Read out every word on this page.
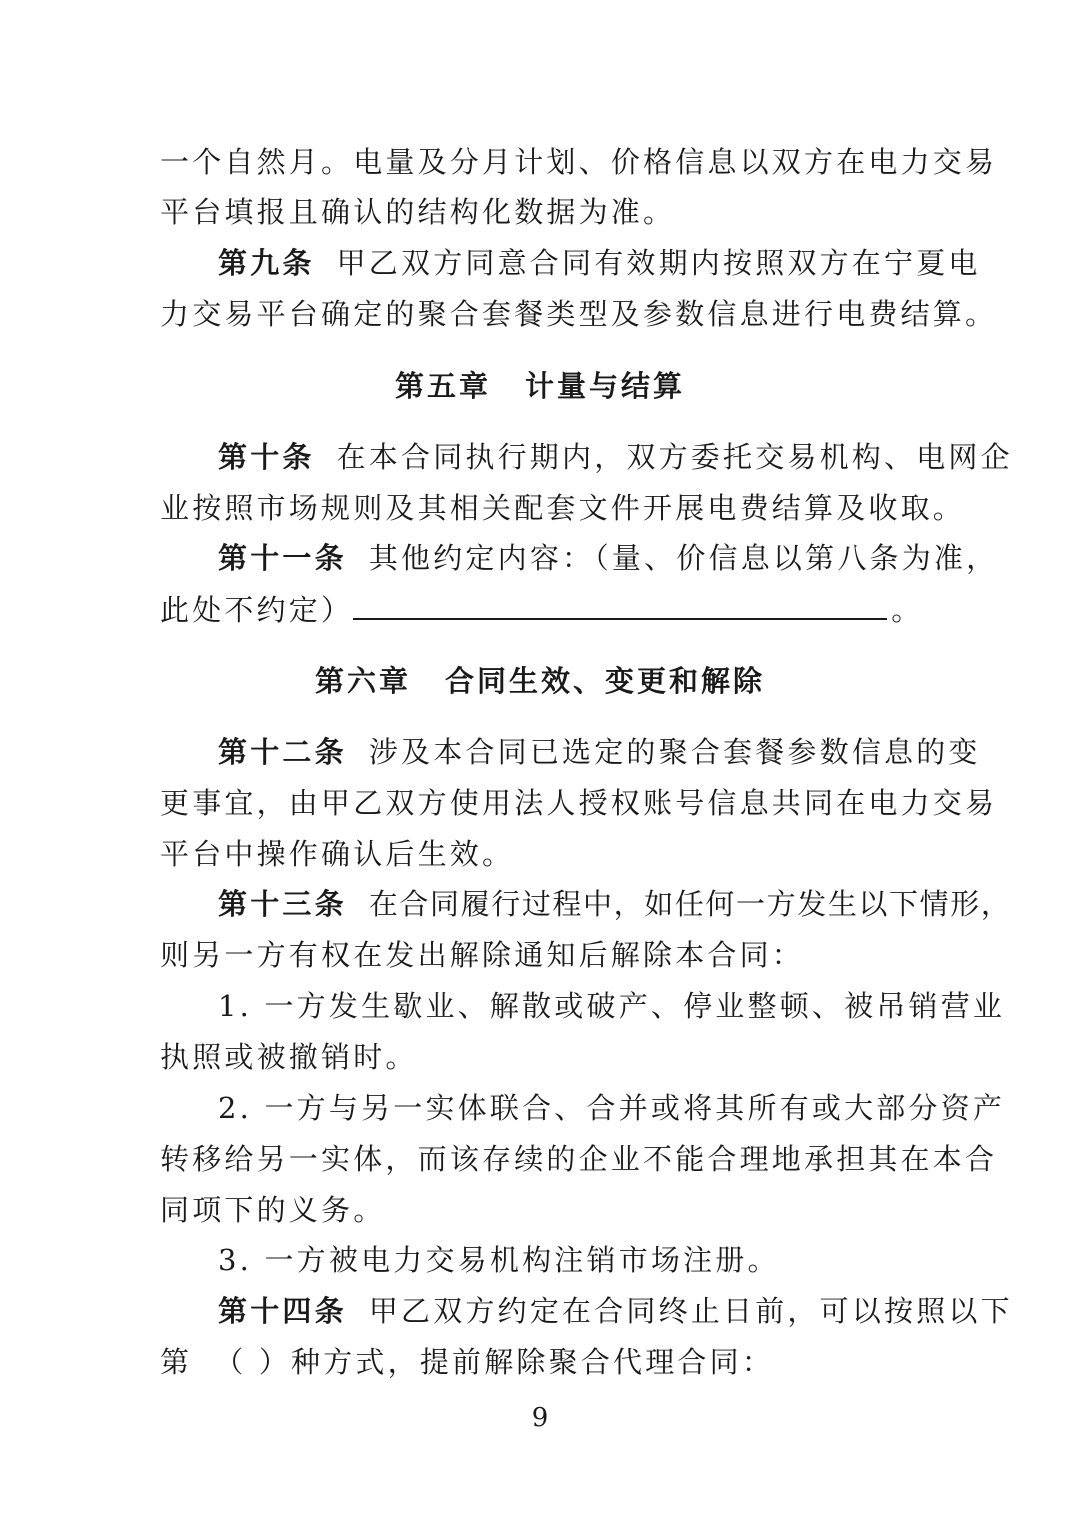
一个自然月。电量及分月计划、价格信息以双方在电力交易
平台填报且确认的结构化数据为准。
第九条 甲乙双方同意合同有效期内按照双方在宁夏电
力交易平台确定的聚合套餐类型及参数信息进行电费结算。
第五章 计量与结算
第十条 在本合同执行期内，双方委托交易机构、电网企
业按照市场规则及其相关配套文件开展电费结算及收取。
第十一条 其他约定内容：（量、价信息以第八条为准，
此处不约定）	。
第六章 合同生效、变更和解除
第十二条 涉及本合同已选定的聚合套餐参数信息的变
更事宜，由甲乙双方使用法人授权账号信息共同在电力交易
平台中操作确认后生效。
第十三条 在合同履行过程中，如任何一方发生以下情形，
则另一方有权在发出解除通知后解除本合同：
1. 一方发生歇业、解散或破产、停业整顿、被吊销营业
执照或被撤销时。
2. 一方与另一实体联合、合并或将其所有或大部分资产
转移给另一实体，而该存续的企业不能合理地承担其在本合
同项下的义务。
3. 一方被电力交易机构注销市场注册。
第十四条 甲乙双方约定在合同终止日前，可以按照以下
第 （ ）种方式，提前解除聚合代理合同：
9
